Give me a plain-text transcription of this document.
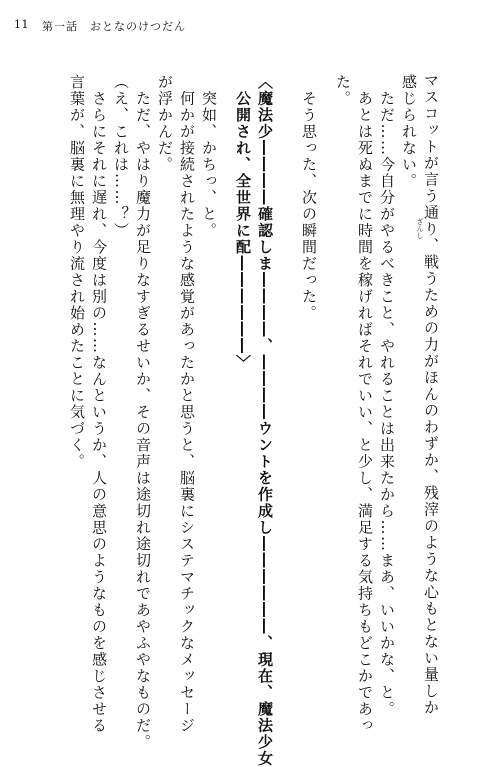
11 第一話　おとなのけつだん
ざんし
　マスコットが言う通り、戦うための力がほんのわずか、残滓のような心もとない量しか
感じられない。
　ただ……今自分がやるべきこと、やれることは出来たから……まあ、いいかな、と。
　あとは死ぬまでに時間を稼げればそれでいい、と少し、満足する気持ちもどこかであっ
た。
　そう思った、次の瞬間だった。
〈魔法少――――確認しま――――、――――ウントを作成し――――――、現在、魔法少女
　公開され、全世界に配――――――〉
　突如、かちっ、と。
　何かが接続されたような感覚があったかと思うと、脳裏にシステマチックなメッセージ
が浮かんだ。
　ただ、やはり魔力が足りなすぎるせいか、その音声は途切れ途切れであやふやなものだ。
（え、これは……？）
　さらにそれに遅れ、今度は別の……なんというか、人の意思のようなものを感じさせる
言葉が、脳裏に無理やり流され始めたことに気づく。
